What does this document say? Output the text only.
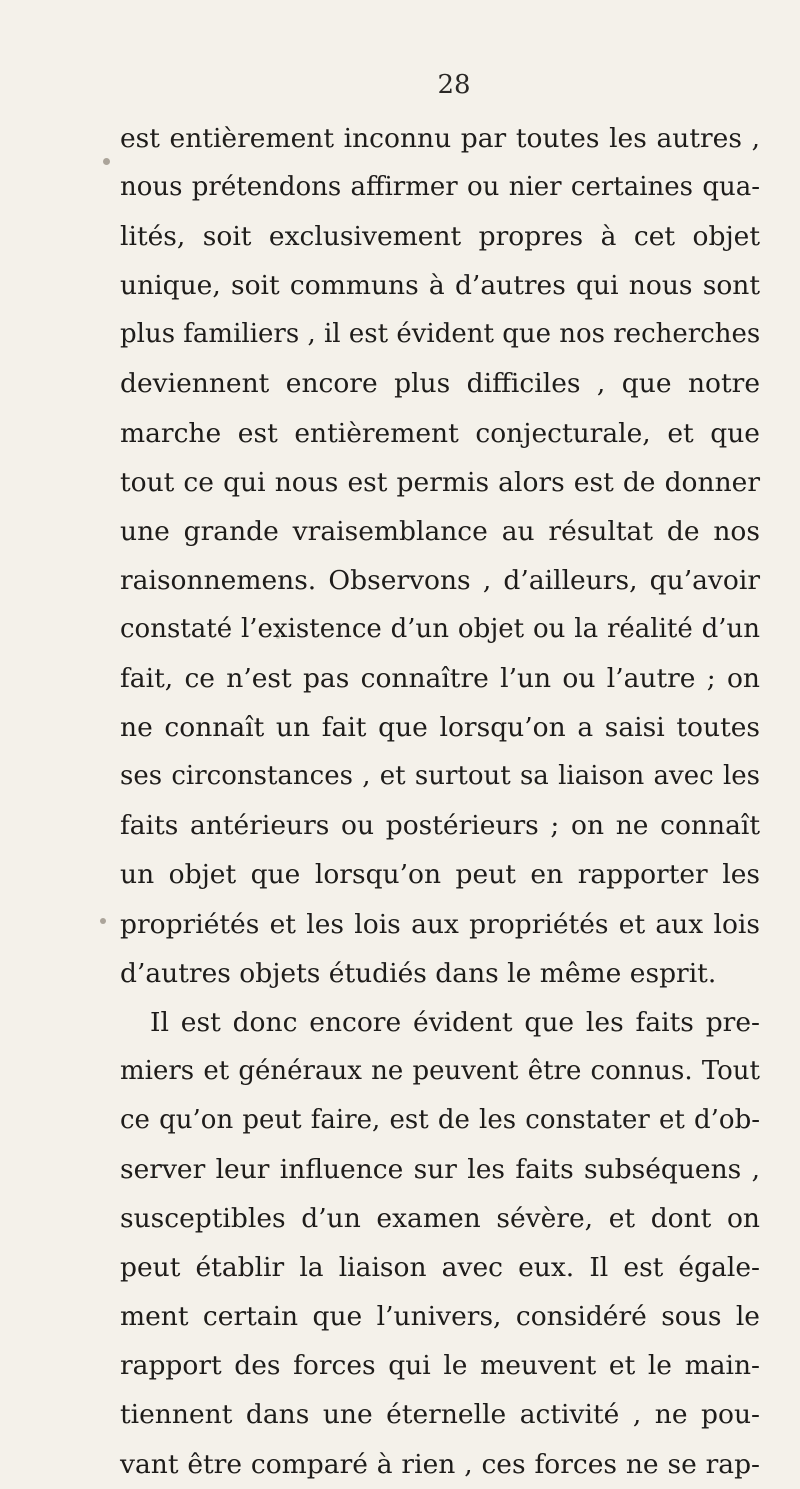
28
est entièrement inconnu par toutes les autres ,
nous prétendons affirmer ou nier certaines qua-
lités, soit exclusivement propres à cet objet
unique, soit communs à d’autres qui nous sont
plus familiers , il est évident que nos recherches
deviennent encore plus difficiles , que notre
marche est entièrement conjecturale, et que
tout ce qui nous est permis alors est de donner
une grande vraisemblance au résultat de nos
raisonnemens. Observons , d’ailleurs, qu’avoir
constaté l’existence d’un objet ou la réalité d’un
fait, ce n’est pas connaître l’un ou l’autre ; on
ne connaît un fait que lorsqu’on a saisi toutes
ses circonstances , et surtout sa liaison avec les
faits antérieurs ou postérieurs ; on ne connaît
un objet que lorsqu’on peut en rapporter les
propriétés et les lois aux propriétés et aux lois
d’autres objets étudiés dans le même esprit.
Il est donc encore évident que les faits pre-
miers et généraux ne peuvent être connus. Tout
ce qu’on peut faire, est de les constater et d’ob-
server leur influence sur les faits subséquens ,
susceptibles d’un examen sévère, et dont on
peut établir la liaison avec eux. Il est égale-
ment certain que l’univers, considéré sous le
rapport des forces qui le meuvent et le main-
tiennent dans une éternelle activité , ne pou-
vant être comparé à rien , ces forces ne se rap-
